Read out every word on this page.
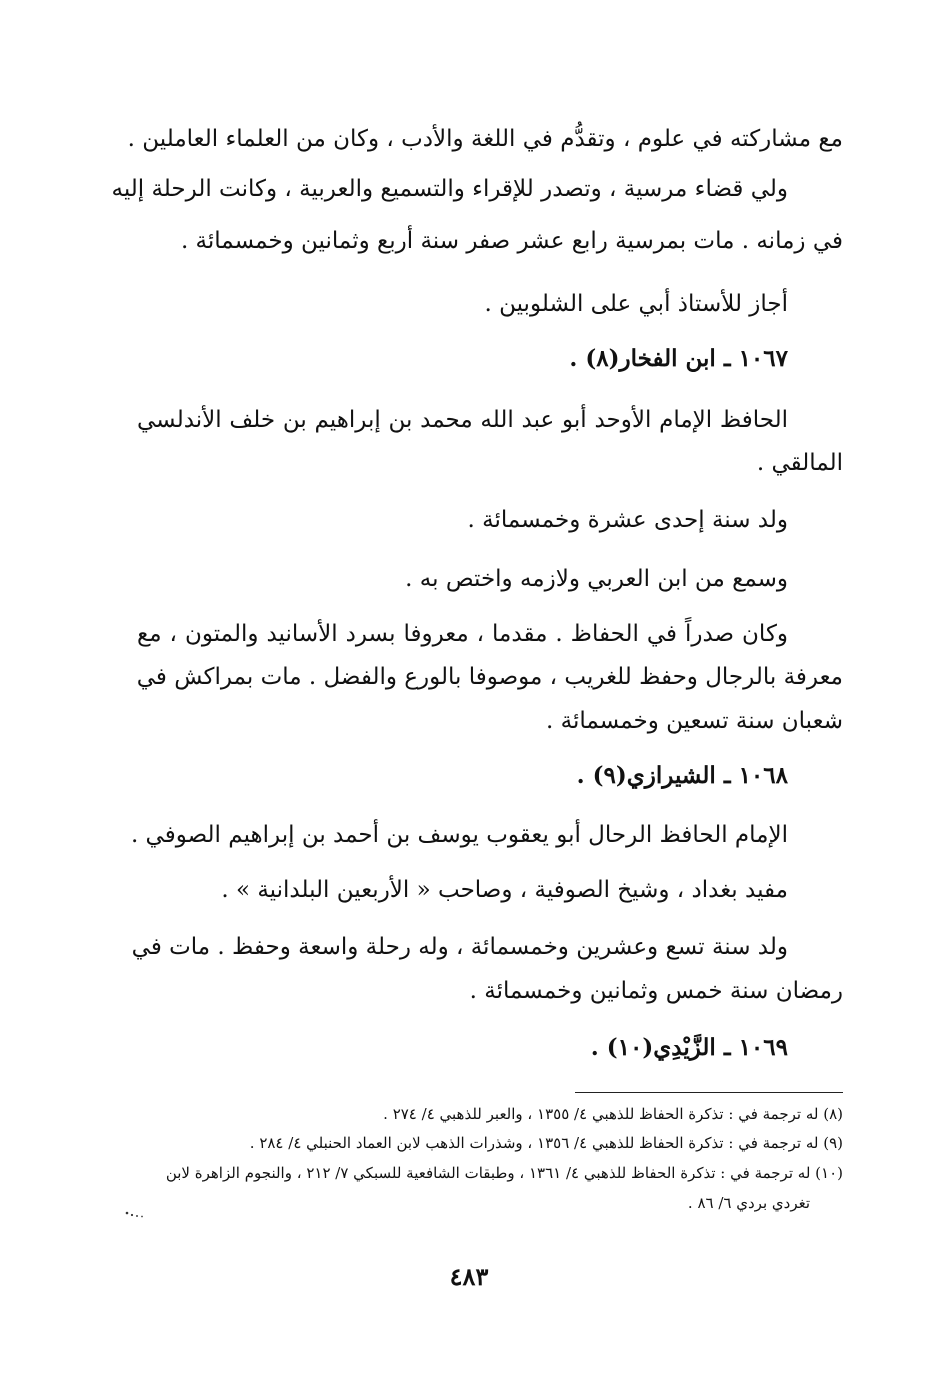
مع مشاركته في علوم ، وتقدُّم في اللغة والأدب ، وكان من العلماء العاملين .
ولي قضاء مرسية ، وتصدر للإقراء والتسميع والعربية ، وكانت الرحلة إليه
في زمانه . مات بمرسية رابع عشر صفر سنة أربع وثمانين وخمسمائة .
أجاز للأستاذ أبي على الشلوبين .
١٠٦٧ ـ ابن الفخار(٨) .
الحافظ الإمام الأوحد أبو عبد الله محمد بن إبراهيم بن خلف الأندلسي
المالقي .
ولد سنة إحدى عشرة وخمسمائة .
وسمع من ابن العربي ولازمه واختص به .
وكان صدراً في الحفاظ . مقدما ، معروفا بسرد الأسانيد والمتون ، مع
معرفة بالرجال وحفظ للغريب ، موصوفا بالورع والفضل . مات بمراكش في
شعبان سنة تسعين وخمسمائة .
١٠٦٨ ـ الشيرازي(٩) .
الإمام الحافظ الرحال أبو يعقوب يوسف بن أحمد بن إبراهيم الصوفي .
مفيد بغداد ، وشيخ الصوفية ، وصاحب « الأربعين البلدانية » .
ولد سنة تسع وعشرين وخمسمائة ، وله رحلة واسعة وحفظ . مات في
رمضان سنة خمس وثمانين وخمسمائة .
١٠٦٩ ـ الزَّيْدِي(١٠) .
(٨) له ترجمة في : تذكرة الحفاظ للذهبي ٤/ ١٣٥٥ ، والعبر للذهبي ٤/ ٢٧٤ .
(٩) له ترجمة في : تذكرة الحفاظ للذهبي ٤/ ١٣٥٦ ، وشذرات الذهب لابن العماد الحنبلي ٤/ ٢٨٤ .
(١٠) له ترجمة في : تذكرة الحفاظ للذهبي ٤/ ١٣٦١ ، وطبقات الشافعية للسبكي ٧/ ٢١٢ ، والنجوم الزاهرة لابن
تغردي بردي ٦/ ٨٦ .
٤٨٣
